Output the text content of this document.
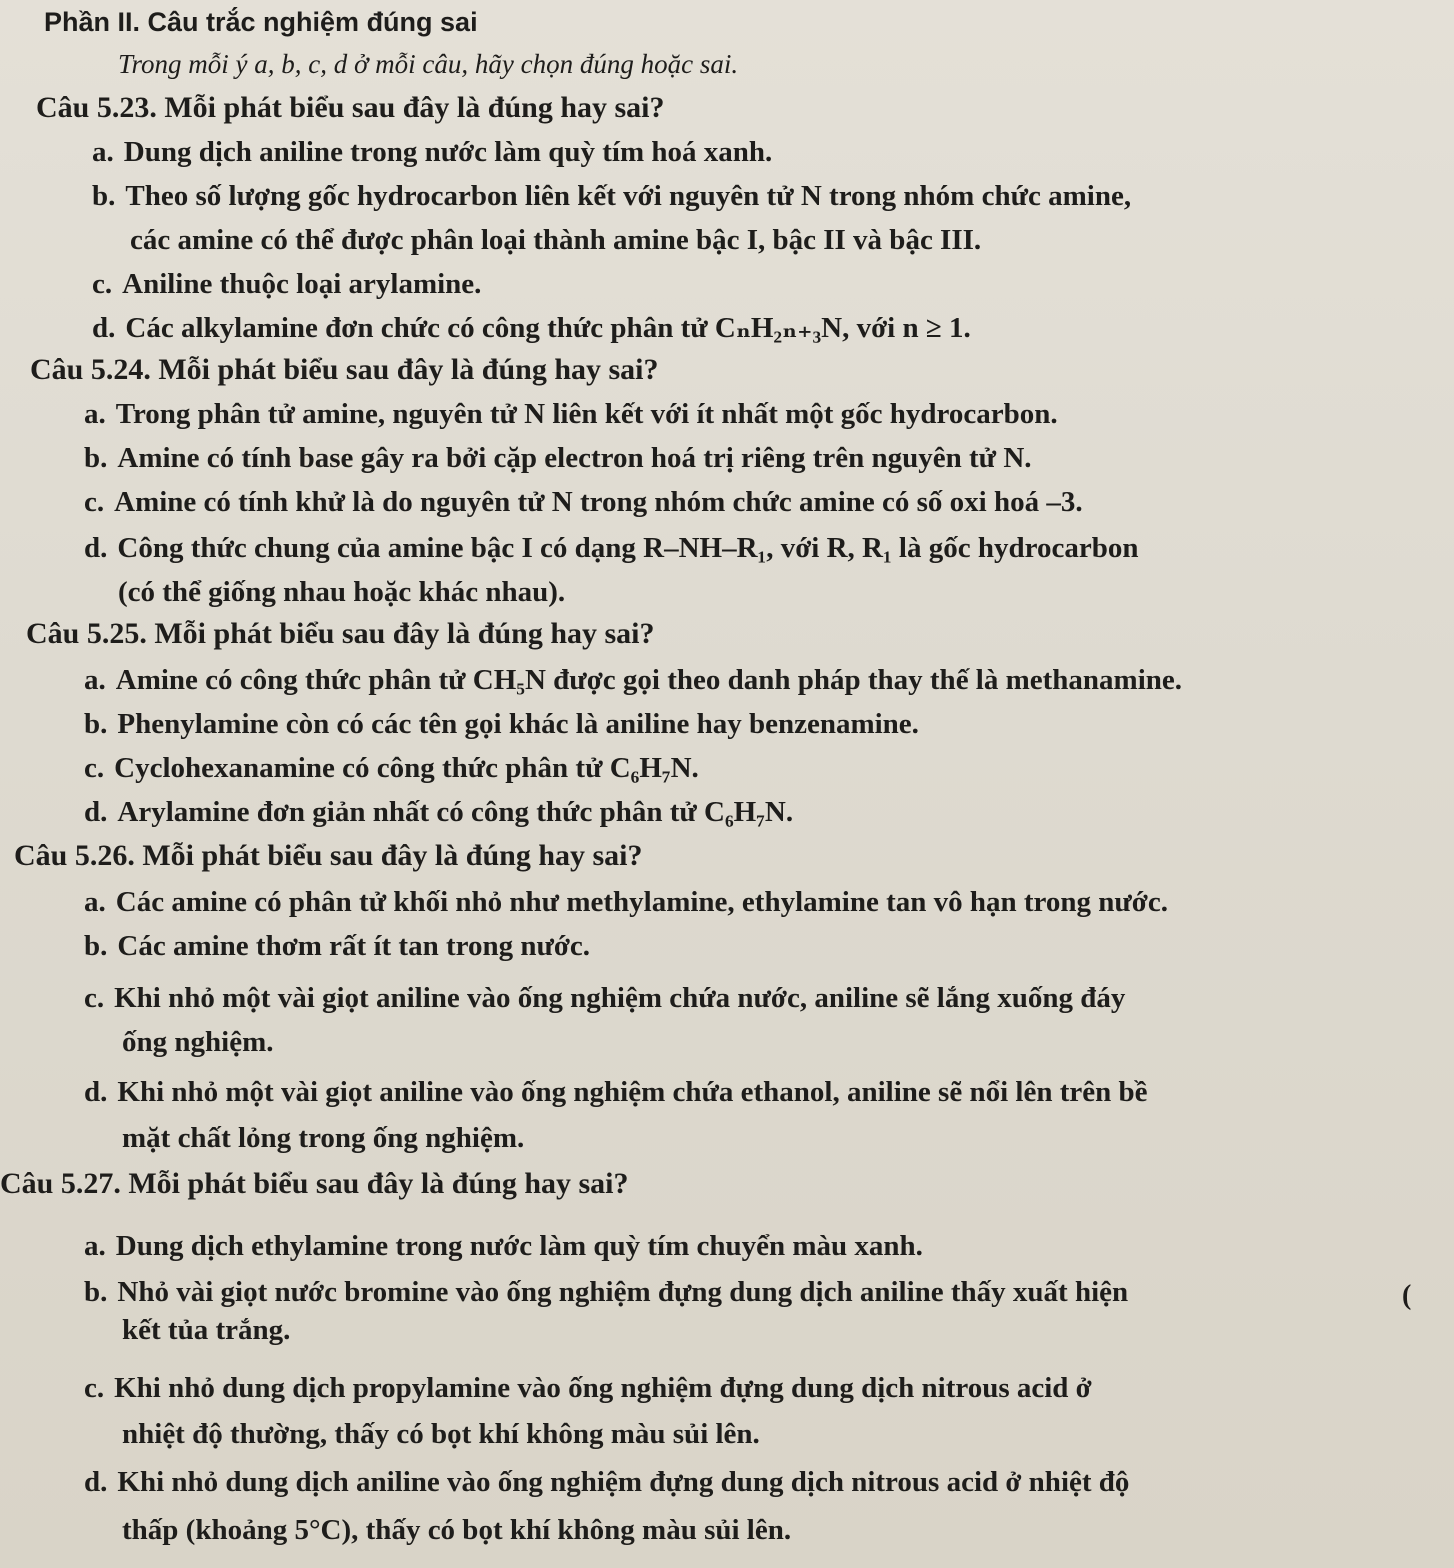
Phần II. Câu trắc nghiệm đúng sai
Trong mỗi ý a, b, c, d ở mỗi câu, hãy chọn đúng hoặc sai.
Câu 5.23. Mỗi phát biểu sau đây là đúng hay sai?
a. Dung dịch aniline trong nước làm quỳ tím hoá xanh.
b. Theo số lượng gốc hydrocarbon liên kết với nguyên tử N trong nhóm chức amine,
các amine có thể được phân loại thành amine bậc I, bậc II và bậc III.
c. Aniline thuộc loại arylamine.
d. Các alkylamine đơn chức có công thức phân tử CₙH₂ₙ₊₃N, với n ≥ 1.
Câu 5.24. Mỗi phát biểu sau đây là đúng hay sai?
a. Trong phân tử amine, nguyên tử N liên kết với ít nhất một gốc hydrocarbon.
b. Amine có tính base gây ra bởi cặp electron hoá trị riêng trên nguyên tử N.
c. Amine có tính khử là do nguyên tử N trong nhóm chức amine có số oxi hoá –3.
d. Công thức chung của amine bậc I có dạng R–NH–R₁, với R, R₁ là gốc hydrocarbon
(có thể giống nhau hoặc khác nhau).
Câu 5.25. Mỗi phát biểu sau đây là đúng hay sai?
a. Amine có công thức phân tử CH₅N được gọi theo danh pháp thay thế là methanamine.
b. Phenylamine còn có các tên gọi khác là aniline hay benzenamine.
c. Cyclohexanamine có công thức phân tử C₆H₇N.
d. Arylamine đơn giản nhất có công thức phân tử C₆H₇N.
Câu 5.26. Mỗi phát biểu sau đây là đúng hay sai?
a. Các amine có phân tử khối nhỏ như methylamine, ethylamine tan vô hạn trong nước.
b. Các amine thơm rất ít tan trong nước.
c. Khi nhỏ một vài giọt aniline vào ống nghiệm chứa nước, aniline sẽ lắng xuống đáy
ống nghiệm.
d. Khi nhỏ một vài giọt aniline vào ống nghiệm chứa ethanol, aniline sẽ nổi lên trên bề
mặt chất lỏng trong ống nghiệm.
Câu 5.27. Mỗi phát biểu sau đây là đúng hay sai?
a. Dung dịch ethylamine trong nước làm quỳ tím chuyển màu xanh.
b. Nhỏ vài giọt nước bromine vào ống nghiệm đựng dung dịch aniline thấy xuất hiện
kết tủa trắng.
c. Khi nhỏ dung dịch propylamine vào ống nghiệm đựng dung dịch nitrous acid ở
nhiệt độ thường, thấy có bọt khí không màu sủi lên.
d. Khi nhỏ dung dịch aniline vào ống nghiệm đựng dung dịch nitrous acid ở nhiệt độ
thấp (khoảng 5°C), thấy có bọt khí không màu sủi lên.
(
